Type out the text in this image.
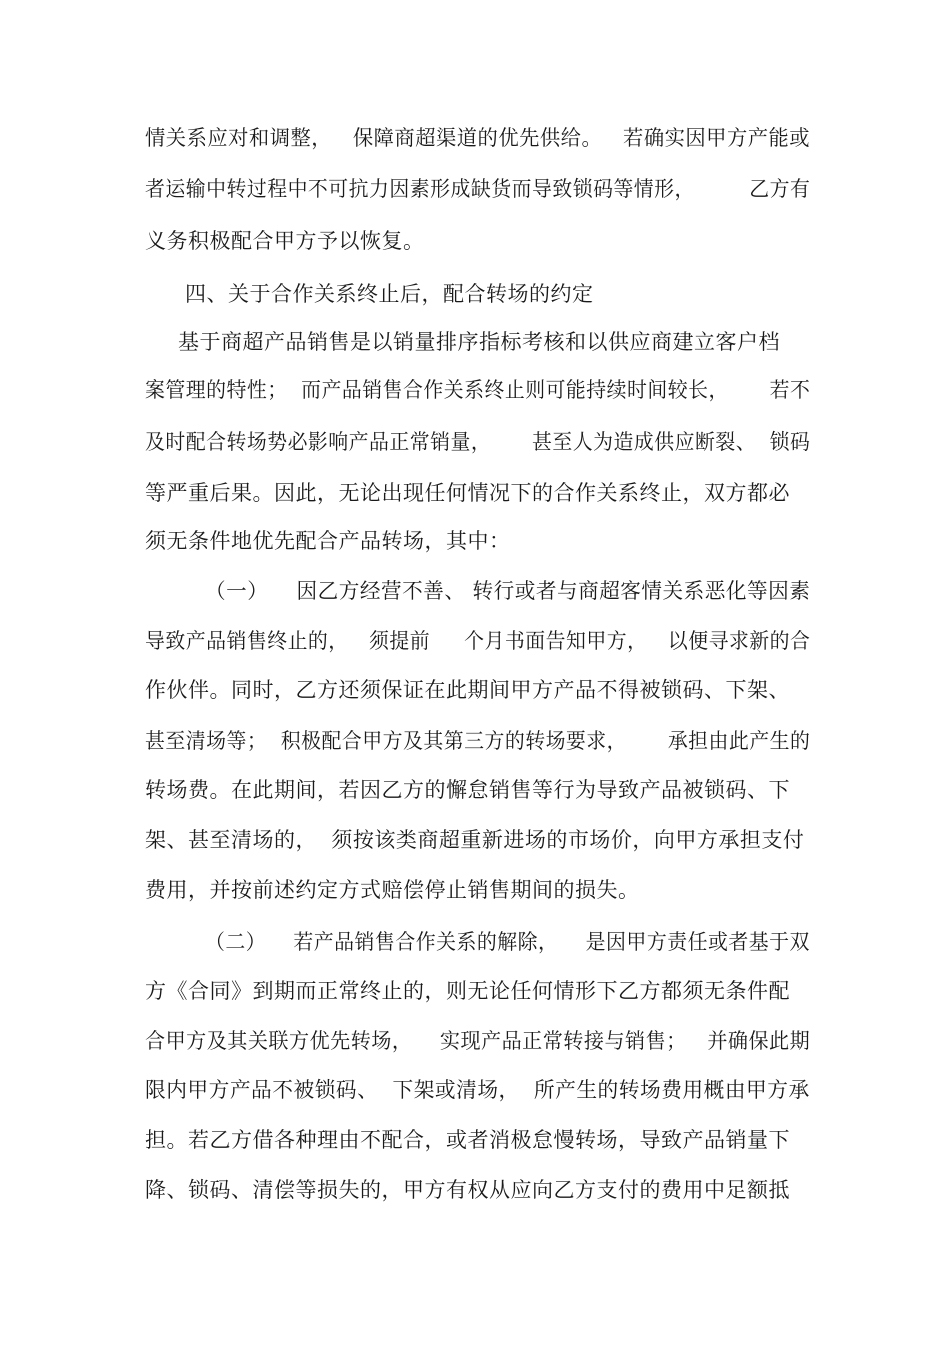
情关系应对和调整，   保障商超渠道的优先供给。   若确实因甲方产能或
者运输中转过程中不可抗力因素形成缺货而导致锁码等情形，        乙方有
义务积极配合甲方予以恢复。
四、关于合作关系终止后，配合转场的约定
基于商超产品销售是以销量排序指标考核和以供应商建立客户档
案管理的特性；  而产品销售合作关系终止则可能持续时间较长，      若不
及时配合转场势必影响产品正常销量，      甚至人为造成供应断裂、  锁码
等严重后果。因此，无论出现任何情况下的合作关系终止，双方都必
须无条件地优先配合产品转场，其中：
（一）    因乙方经营不善、 转行或者与商超客情关系恶化等因素
导致产品销售终止的，   须提前     个月书面告知甲方，   以便寻求新的合
作伙伴。同时，乙方还须保证在此期间甲方产品不得被锁码、下架、
甚至清场等；  积极配合甲方及其第三方的转场要求，      承担由此产生的
转场费。在此期间，若因乙方的懈怠销售等行为导致产品被锁码、下
架、甚至清场的，  须按该类商超重新进场的市场价，向甲方承担支付
费用，并按前述约定方式赔偿停止销售期间的损失。
（二）    若产品销售合作关系的解除，    是因甲方责任或者基于双
方《合同》到期而正常终止的，则无论任何情形下乙方都须无条件配
合甲方及其关联方优先转场，    实现产品正常转接与销售；   并确保此期
限内甲方产品不被锁码、  下架或清场，  所产生的转场费用概由甲方承
担。若乙方借各种理由不配合，或者消极怠慢转场，导致产品销量下
降、锁码、清偿等损失的，甲方有权从应向乙方支付的费用中足额抵
